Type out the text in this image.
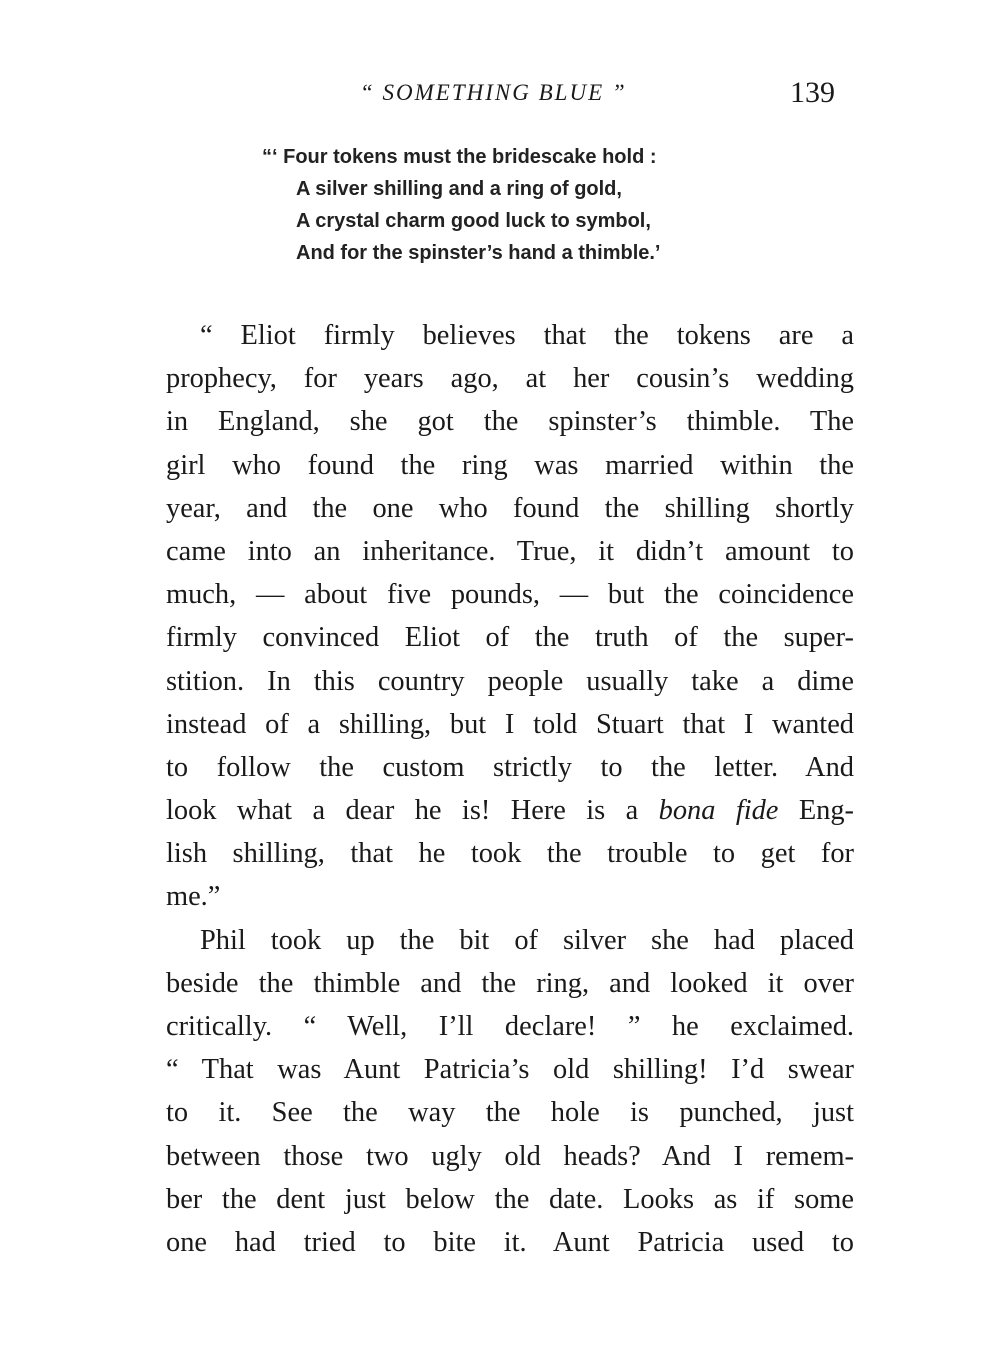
“ SOMETHING BLUE ”	139
“‘ Four tokens must the bridescake hold :
A silver shilling and a ring of gold,
A crystal charm good luck to symbol,
And for the spinster’s hand a thimble.’
“ Eliot firmly believes that the tokens are a
prophecy, for years ago, at her cousin’s wedding
in England, she got the spinster’s thimble. The
girl who found the ring was married within the
year, and the one who found the shilling shortly
came into an inheritance. True, it didn’t amount to
much, — about five pounds, — but the coincidence
firmly convinced Eliot of the truth of the super-
stition. In this country people usually take a dime
instead of a shilling, but I told Stuart that I wanted
to follow the custom strictly to the letter. And
look what a dear he is! Here is a bona fide Eng-
lish shilling, that he took the trouble to get for
me.”
Phil took up the bit of silver she had placed
beside the thimble and the ring, and looked it over
critically. “ Well, I’ll declare! ” he exclaimed.
“ That was Aunt Patricia’s old shilling! I’d swear
to it. See the way the hole is punched, just
between those two ugly old heads? And I remem-
ber the dent just below the date. Looks as if some
one had tried to bite it. Aunt Patricia used to
